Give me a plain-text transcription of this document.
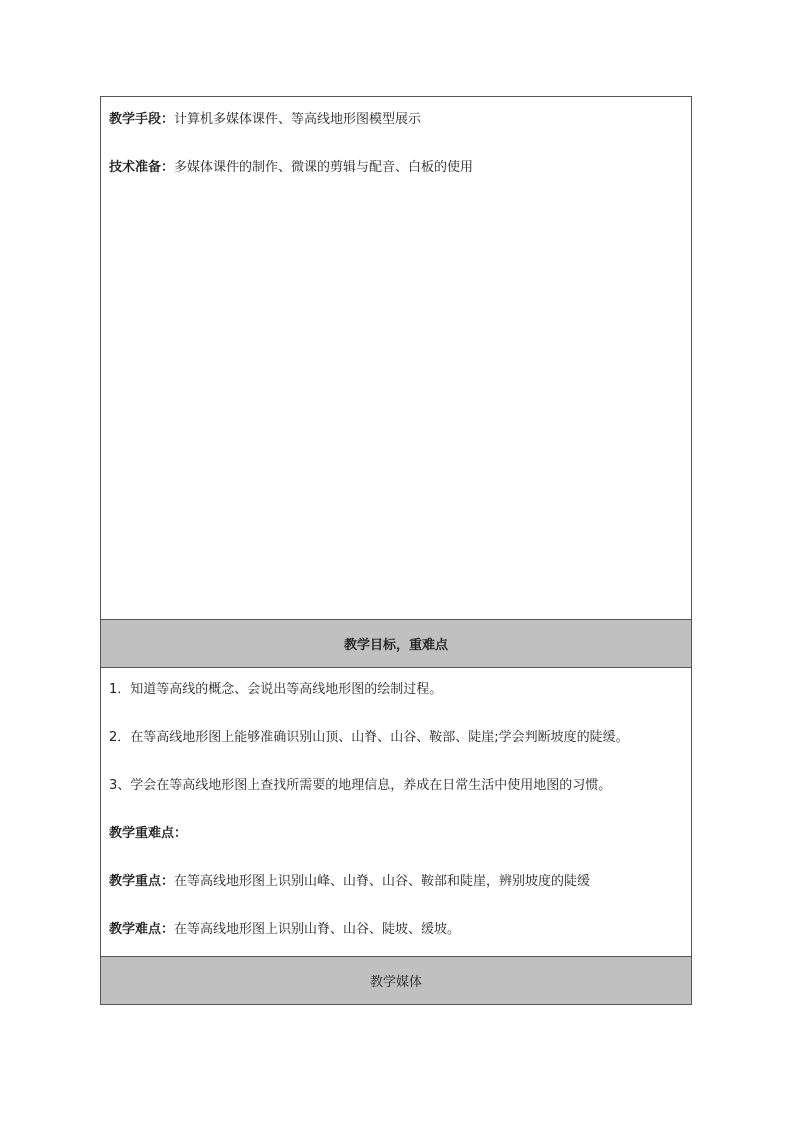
教学手段：计算机多媒体课件、等高线地形图模型展示
技术准备：多媒体课件的制作、微课的剪辑与配音、白板的使用
教学目标，重难点
1．知道等高线的概念、会说出等高线地形图的绘制过程。
2．在等高线地形图上能够准确识别山顶、山脊、山谷、鞍部、陡崖;学会判断坡度的陡缓。
3、学会在等高线地形图上查找所需要的地理信息，养成在日常生活中使用地图的习惯。
教学重难点：
教学重点：在等高线地形图上识别山峰、山脊、山谷、鞍部和陡崖，辨别坡度的陡缓
教学难点：在等高线地形图上识别山脊、山谷、陡坡、缓坡。
教学媒体
